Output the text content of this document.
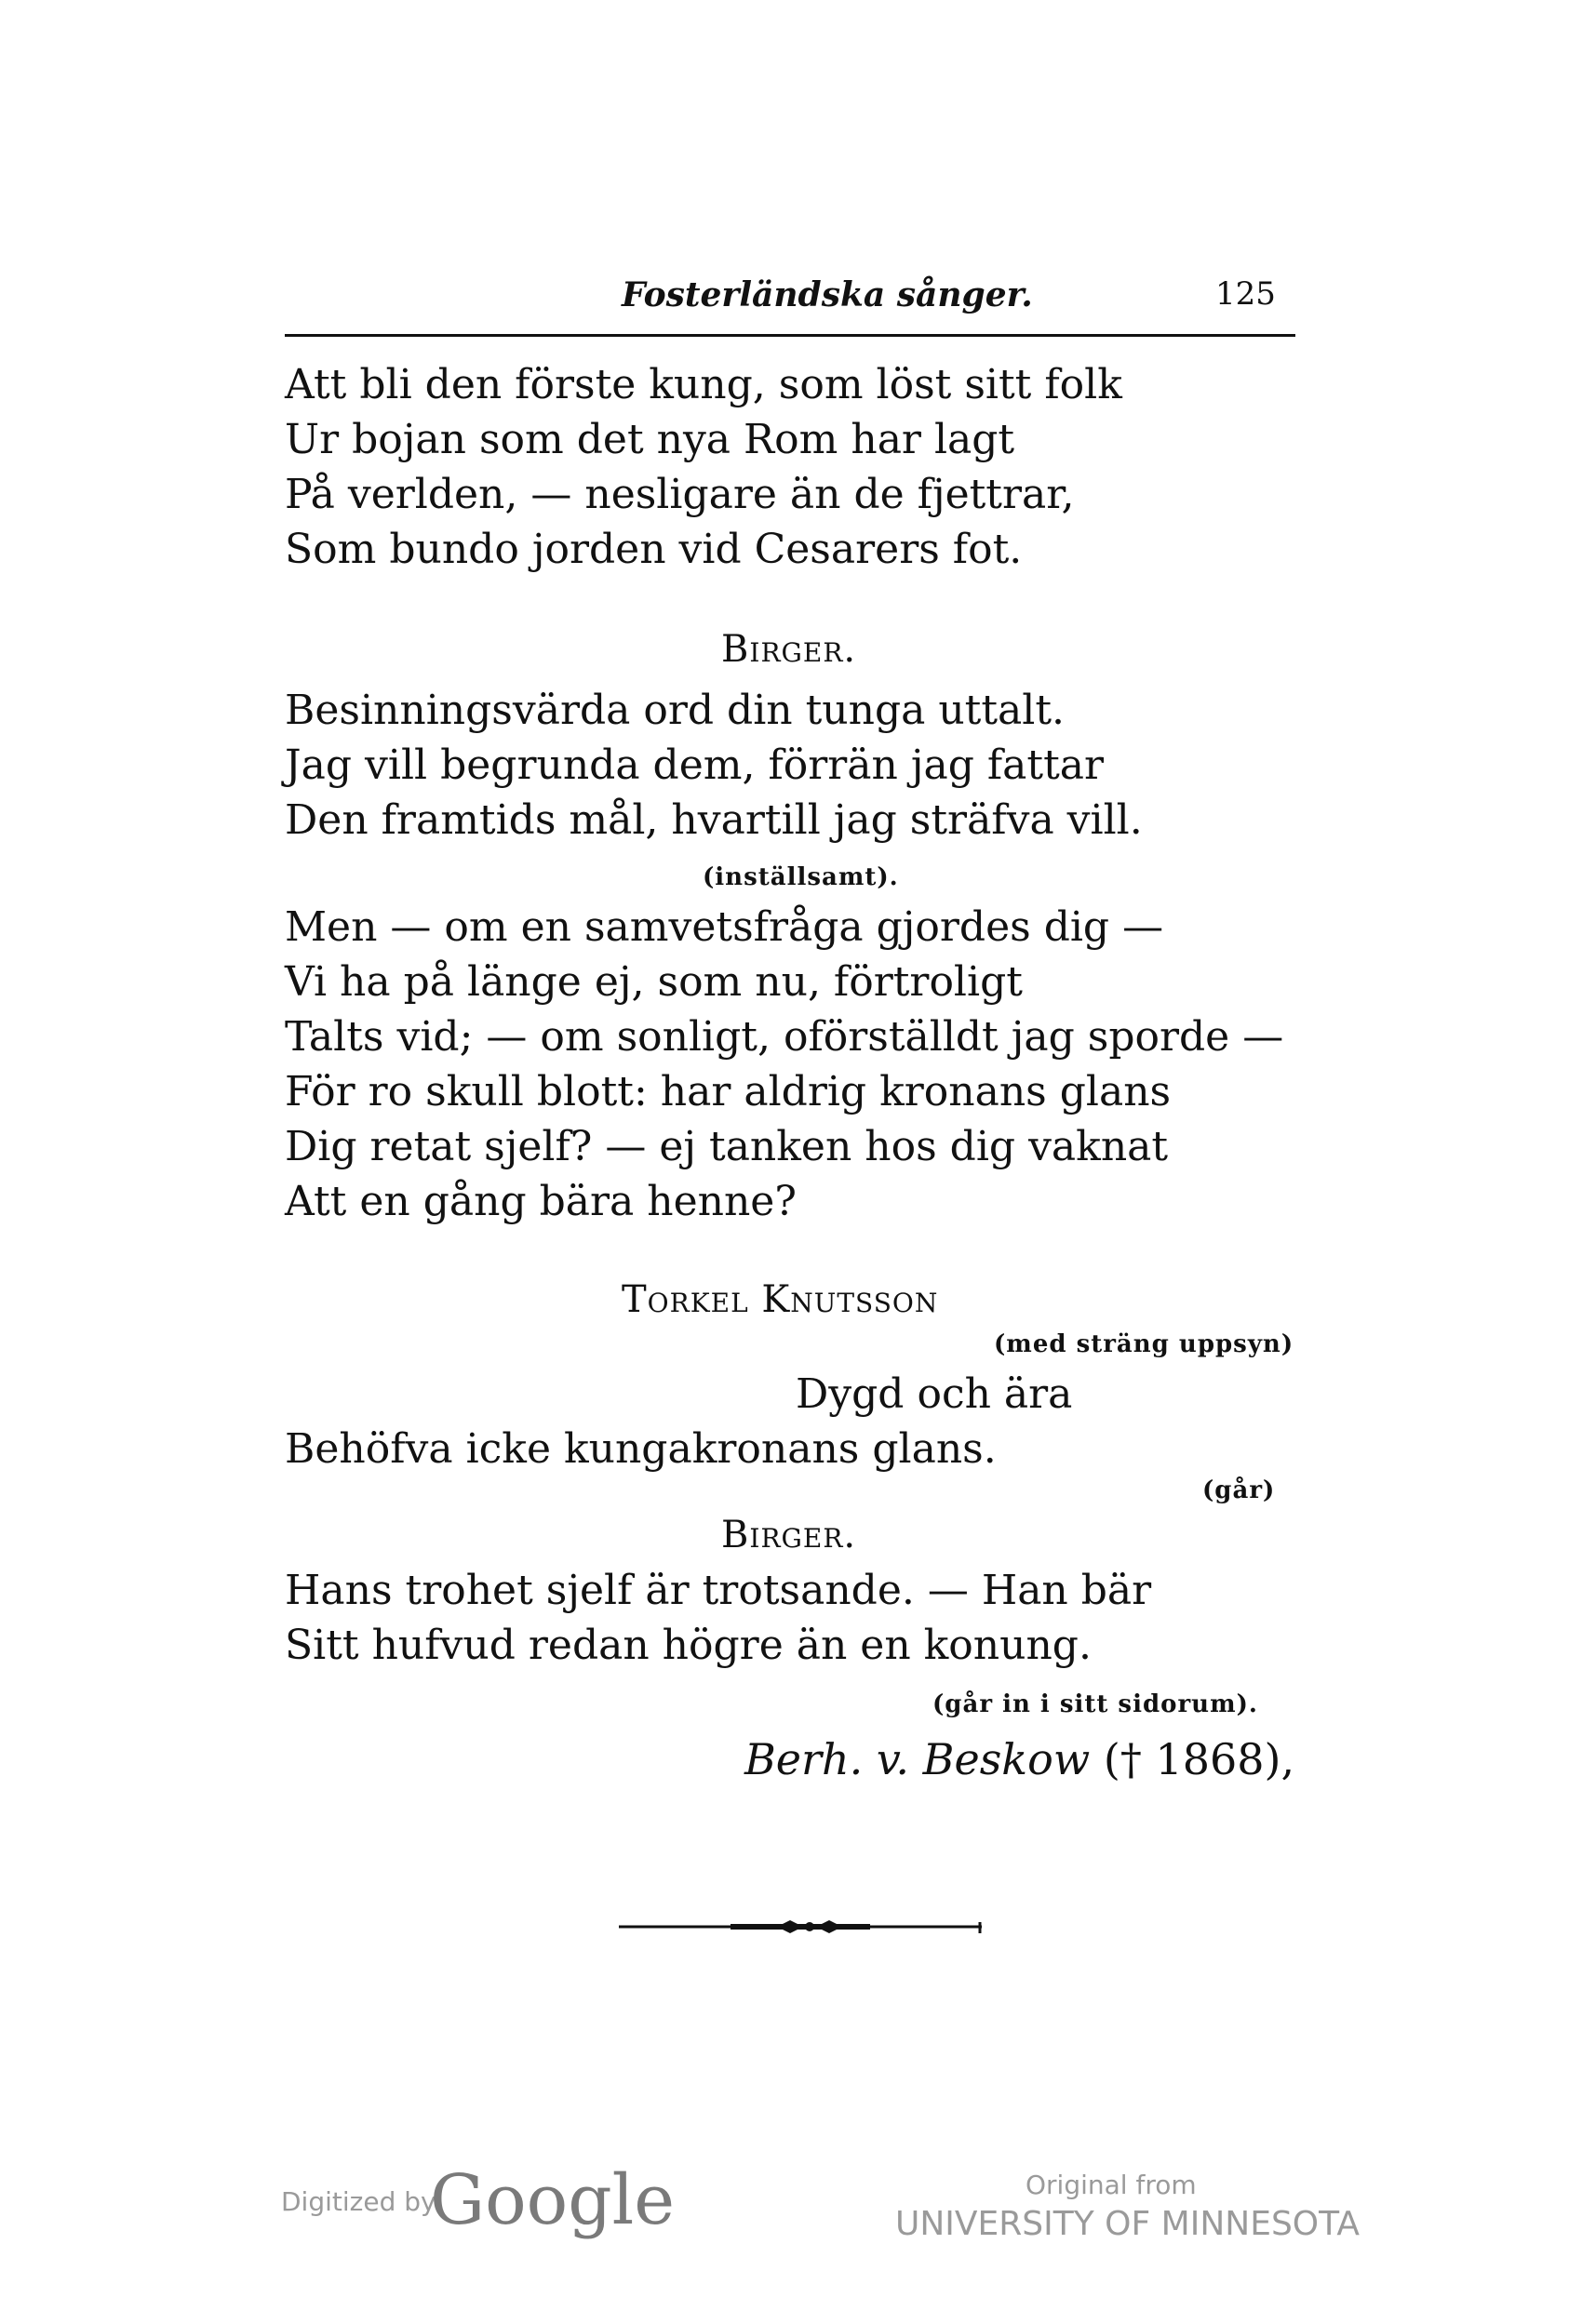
Fosterländska sånger.	125
Att bli den förste kung, som löst sitt folk
Ur bojan som det nya Rom har lagt
På verlden, — nesligare än de fjettrar,
Som bundo jorden vid Cesarers fot.
Birger.
Besinningsvärda ord din tunga uttalt.
Jag vill begrunda dem, förrän jag fattar
Den framtids mål, hvartill jag sträfva vill.
(inställsamt).
Men — om en samvetsfråga gjordes dig —
Vi ha på länge ej, som nu, förtroligt
Talts vid; — om sonligt, oförställdt jag sporde —
För ro skull blott: har aldrig kronans glans
Dig retat sjelf? — ej tanken hos dig vaknat
Att en gång bära henne?
Torkel Knutsson
(med sträng uppsyn)
Dygd och ära
Behöfva icke kungakronans glans.
(går)
Birger.
Hans trohet sjelf är trotsande. — Han bär
Sitt hufvud redan högre än en konung.
(går in i sitt sidorum).
Berh. v. Beskow († 1868),
Digitized by
Google	Original from
UNIVERSITY OF MINNESOTA
